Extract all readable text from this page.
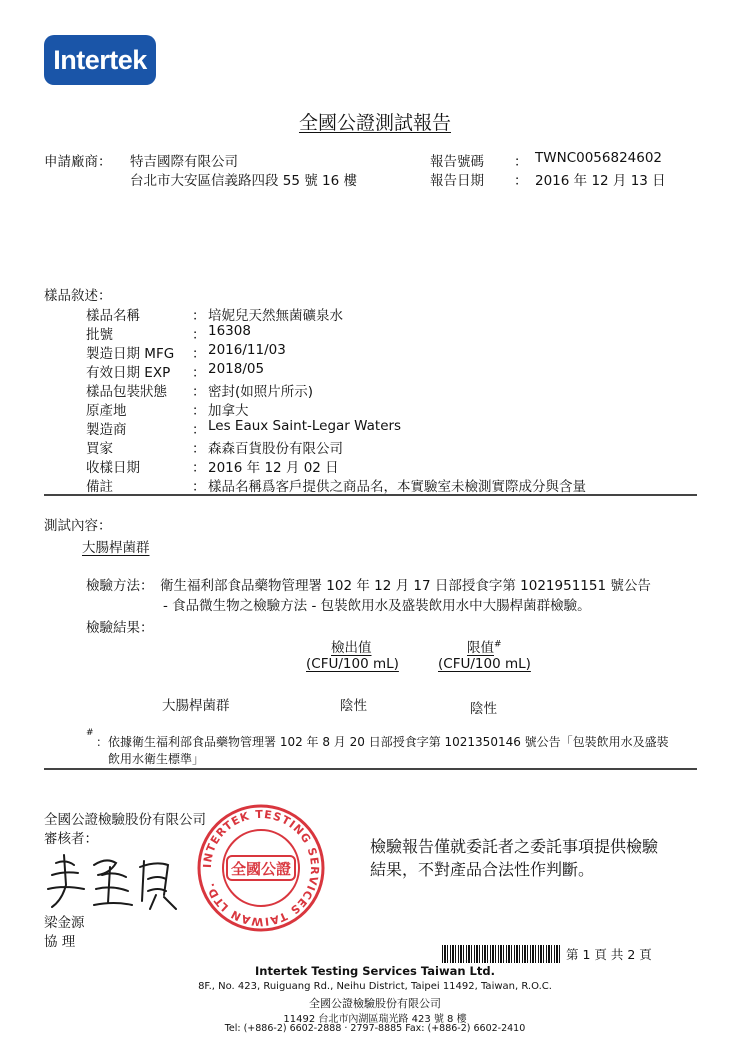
Intertek
全國公證測試報告
申請廠商： 特吉國際有限公司
台北市大安區信義路四段 55 號 16 樓
報告號碼 ： TWNC0056824602
報告日期 ： 2016 年 12 月 13 日
樣品敘述：
樣品名稱	： 培妮兒天然無菌礦泉水
批號	： 16308
製造日期 MFG ： 2016/11/03
有效日期 EXP ： 2018/05
樣品包裝狀態 ： 密封(如照片所示)
原產地	： 加拿大
製造商	： Les Eaux Saint-Legar Waters
買家	： 森森百貨股份有限公司
收樣日期	： 2016 年 12 月 02 日
備註	： 樣品名稱爲客戶提供之商品名，本實驗室未檢測實際成分與含量
測試內容：
大腸桿菌群
檢驗方法： 衛生福利部食品藥物管理署 102 年 12 月 17 日部授食字第 1021951151 號公告
- 食品微生物之檢驗方法 - 包裝飲用水及盛裝飲用水中大腸桿菌群檢驗。
檢驗結果：
檢出值	限值#
(CFU/100 mL)	(CFU/100 mL)
大腸桿菌群	陰性	陰性
#
：依據衛生福利部食品藥物管理署 102 年 8 月 20 日部授食字第 1021350146 號公告「包裝飲用水及盛裝
飲用水衛生標準」
全國公證檢驗股份有限公司
審核者：
梁金源
協 理
INTERTEK TESTING SERVICES TAIWAN LTD.
全國公證
檢驗報告僅就委託者之委託事項提供檢驗
結果，不對產品合法性作判斷。
第 1 頁 共 2 頁
Intertek Testing Services Taiwan Ltd.
8F., No. 423, Ruiguang Rd., Neihu District, Taipei 11492, Taiwan, R.O.C.
全國公證檢驗股份有限公司
11492 台北市內湖區瑞光路 423 號 8 樓
Tel: (+886-2) 6602-2888 · 2797-8885 Fax: (+886-2) 6602-2410
